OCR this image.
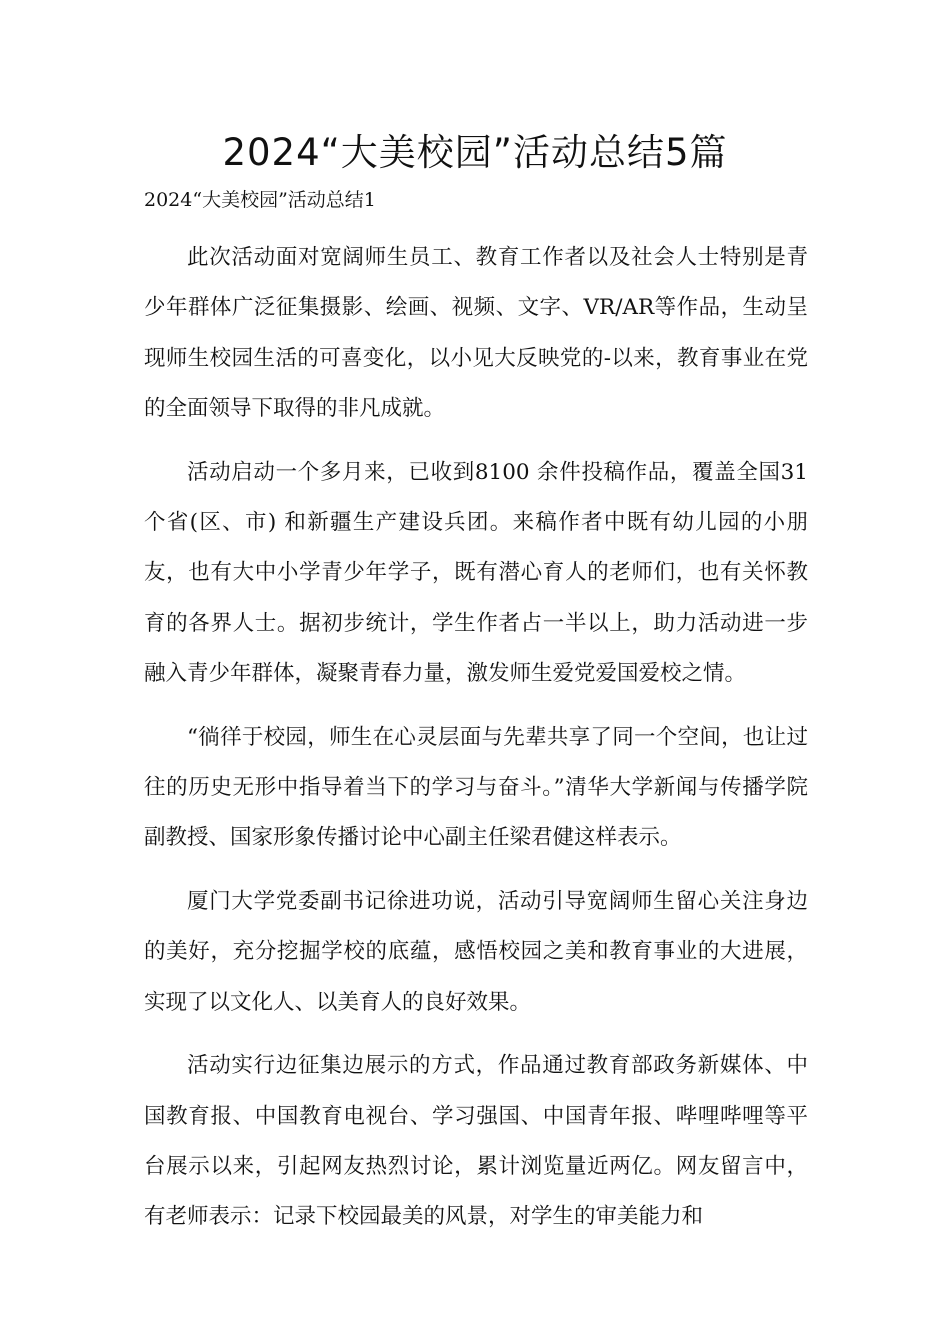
2024“大美校园”活动总结5篇
2024“大美校园”活动总结1

此次活动面对宽阔师生员工、教育工作者以及社会人士特别是青少年群体广泛征集摄影、绘画、视频、文字、VR/AR等作品，生动呈现师生校园生活的可喜变化，以小见大反映党的-以来，教育事业在党的全面领导下取得的非凡成就。

活动启动一个多月来，已收到8100 余件投稿作品，覆盖全国31 个省(区、市) 和新疆生产建设兵团。来稿作者中既有幼儿园的小朋友，也有大中小学青少年学子，既有潜心育人的老师们，也有关怀教育的各界人士。据初步统计，学生作者占一半以上，助力活动进一步融入青少年群体，凝聚青春力量，激发师生爱党爱国爱校之情。

“徜徉于校园，师生在心灵层面与先辈共享了同一个空间，也让过往的历史无形中指导着当下的学习与奋斗。”清华大学新闻与传播学院副教授、国家形象传播讨论中心副主任梁君健这样表示。

厦门大学党委副书记徐进功说，活动引导宽阔师生留心关注身边的美好，充分挖掘学校的底蕴，感悟校园之美和教育事业的大进展，实现了以文化人、以美育人的良好效果。

活动实行边征集边展示的方式，作品通过教育部政务新媒体、中国教育报、中国教育电视台、学习强国、中国青年报、哔哩哔哩等平台展示以来，引起网友热烈讨论，累计浏览量近两亿。网友留言中，有老师表示：记录下校园最美的风景，对学生的审美能力和
